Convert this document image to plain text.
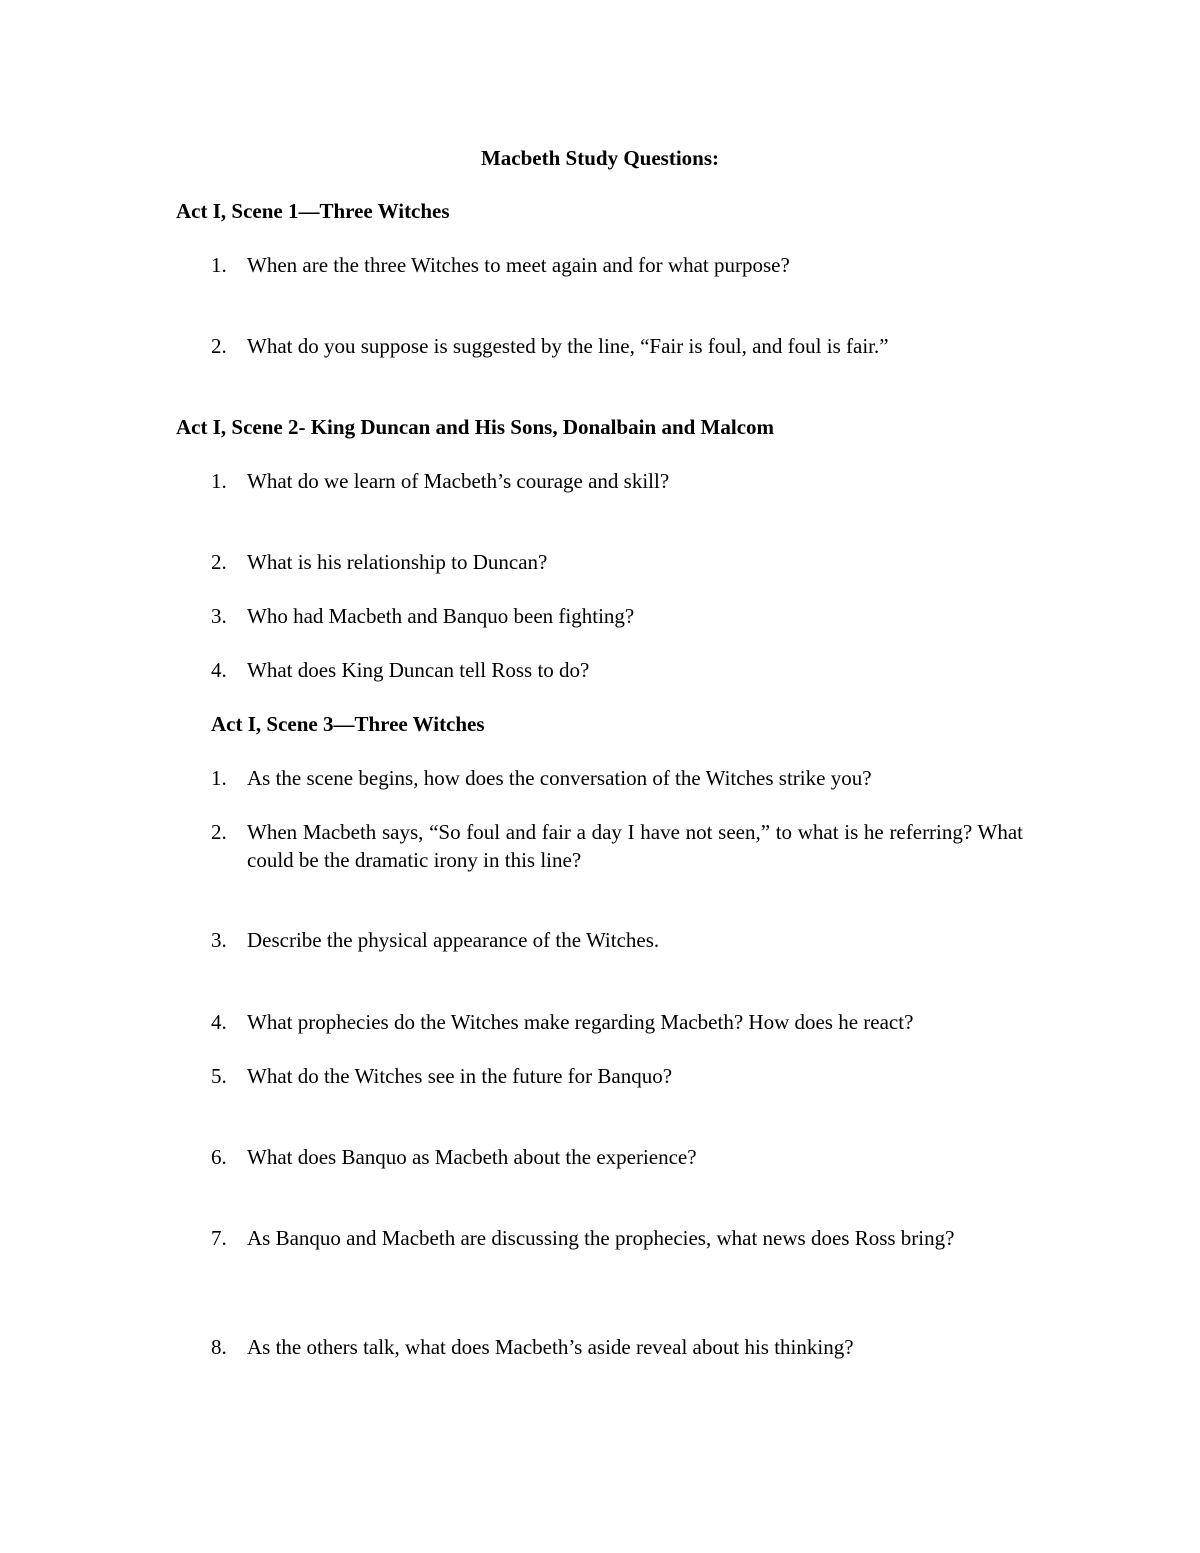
Macbeth Study Questions:
Act I, Scene 1—Three Witches
1. When are the three Witches to meet again and for what purpose?
2. What do you suppose is suggested by the line, “Fair is foul, and foul is fair.”
Act I, Scene 2- King Duncan and His Sons, Donalbain and Malcom
1. What do we learn of Macbeth’s courage and skill?
2. What is his relationship to Duncan?
3. Who had Macbeth and Banquo been fighting?
4. What does King Duncan tell Ross to do?
Act I, Scene 3—Three Witches
1. As the scene begins, how does the conversation of the Witches strike you?
2. When Macbeth says, “So foul and fair a day I have not seen,” to what is he referring? What could be the dramatic irony in this line?
3. Describe the physical appearance of the Witches.
4. What prophecies do the Witches make regarding Macbeth? How does he react?
5. What do the Witches see in the future for Banquo?
6. What does Banquo as Macbeth about the experience?
7. As Banquo and Macbeth are discussing the prophecies, what news does Ross bring?
8. As the others talk, what does Macbeth’s aside reveal about his thinking?
